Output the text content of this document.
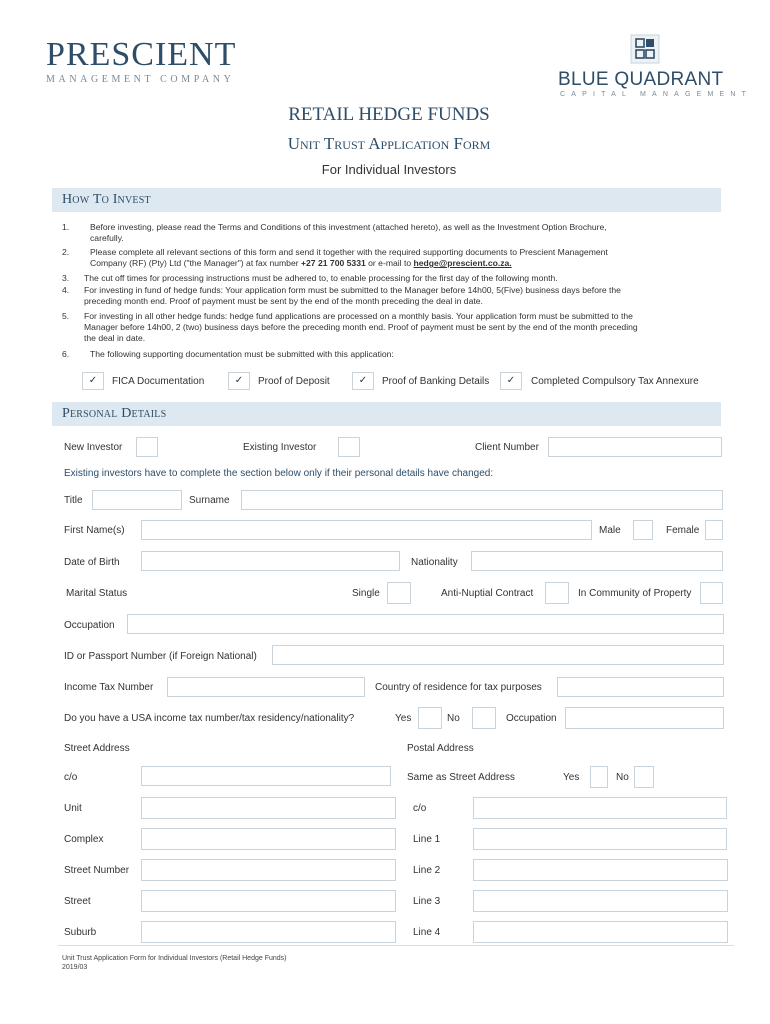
PRESCIENT
MANAGEMENT COMPANY	BLUE QUADRANT
CAPITAL MANAGEMENT
RETAIL HEDGE FUNDS
Unit Trust Application Form
For Individual Investors
How To Invest
1. Before investing, please read the Terms and Conditions of this investment (attached hereto), as well as the Investment Option Brochure,
carefully.
2. Please complete all relevant sections of this form and send it together with the required supporting documents to Prescient Management
Company (RF) (Pty) Ltd ("the Manager") at fax number +27 21 700 5331 or e-mail to hedge@prescient.co.za.
3. The cut off times for processing instructions must be adhered to, to enable processing for the first day of the following month.
4. For investing in fund of hedge funds: Your application form must be submitted to the Manager before 14h00, 5(Five) business days before the
preceding month end. Proof of payment must be sent by the end of the month preceding the deal in date.
5. For investing in all other hedge funds: hedge fund applications are processed on a monthly basis. Your application form must be submitted to the
Manager before 14h00, 2 (two) business days before the preceding month end. Proof of payment must be sent by the end of the month preceding
the deal in date.
6. The following supporting documentation must be submitted with this application:
✓	FICA Documentation	✓	Proof of Deposit	✓	Proof of Banking Details	✓	Completed Compulsory Tax Annexure
Personal Details
New Investor	Existing Investor	Client Number
Existing investors have to complete the section below only if their personal details have changed:
Title	Surname
First Name(s)	Male	Female
Date of Birth	Nationality
Marital Status	Single	Anti-Nuptial Contract	In Community of Property
Occupation
ID or Passport Number (if Foreign National)
Income Tax Number	Country of residence for tax purposes
Do you have a USA income tax number/tax residency/nationality?	Yes	No	Occupation
Street Address	Postal Address
c/o	Same as Street Address	Yes	No
Unit	c/o
Complex	Line 1
Street Number	Line 2
Street	Line 3
Suburb	Line 4
Unit Trust Application Form for Individual Investors (Retail Hedge Funds)
2019/03
